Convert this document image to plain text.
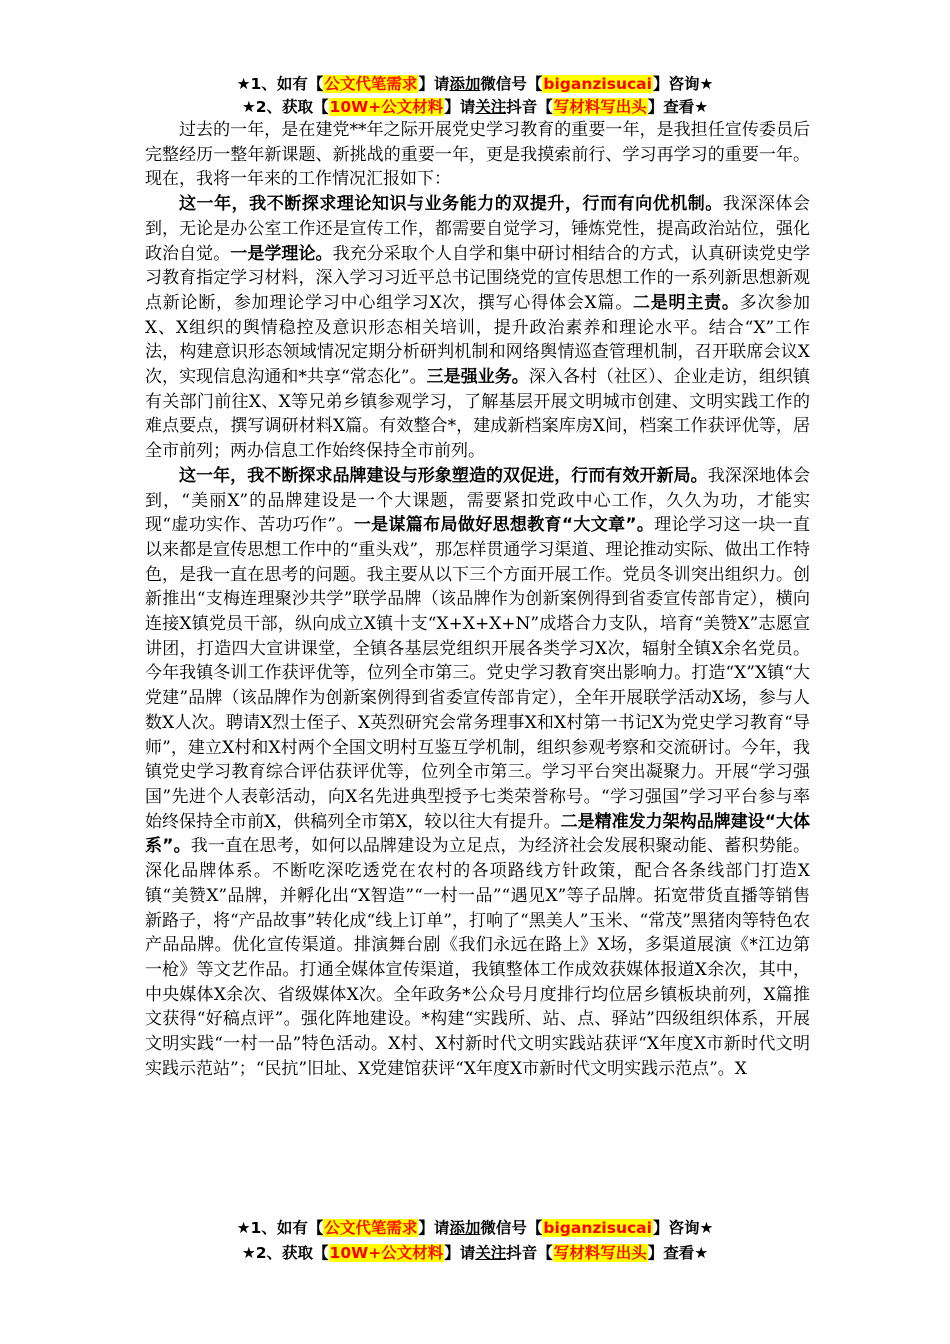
★1、如有【公文代笔需求】请添加微信号【biganzisucai】咨询★
★2、获取【10W+公文材料】请关注抖音【写材料写出头】查看★

过去的一年，是在建党**年之际开展党史学习教育的重要一年，是我担任宣传委员后完整经历一整年新课题、新挑战的重要一年，更是我摸索前行、学习再学习的重要一年。现在，我将一年来的工作情况汇报如下：

这一年，我不断探求理论知识与业务能力的双提升，行而有向优机制。我深深体会到，无论是办公室工作还是宣传工作，都需要自觉学习，锤炼党性，提高政治站位，强化政治自觉。一是学理论。我充分采取个人自学和集中研讨相结合的方式，认真研读党史学习教育指定学习材料，深入学习习近平总书记围绕党的宣传思想工作的一系列新思想新观点新论断，参加理论学习中心组学习X次，撰写心得体会X篇。二是明主责。多次参加X、X组织的舆情稳控及意识形态相关培训，提升政治素养和理论水平。结合“X”工作法，构建意识形态领域情况定期分析研判机制和网络舆情巡查管理机制，召开联席会议X次，实现信息沟通和*共享“常态化”。三是强业务。深入各村（社区）、企业走访，组织镇有关部门前往X、X等兄弟乡镇参观学习，了解基层开展文明城市创建、文明实践工作的难点要点，撰写调研材料X篇。有效整合*，建成新档案库房X间，档案工作获评优等，居全市前列；两办信息工作始终保持全市前列。

这一年，我不断探求品牌建设与形象塑造的双促进，行而有效开新局。我深深地体会到，“美丽X”的品牌建设是一个大课题，需要紧扣党政中心工作，久久为功，才能实现“虚功实作、苦功巧作”。一是谋篇布局做好思想教育“大文章”。理论学习这一块一直以来都是宣传思想工作中的“重头戏”，那怎样贯通学习渠道、理论推动实际、做出工作特色，是我一直在思考的问题。我主要从以下三个方面开展工作。党员冬训突出组织力。创新推出“支梅连理聚沙共学”联学品牌（该品牌作为创新案例得到省委宣传部肯定），横向连接X镇党员干部，纵向成立X镇十支“X+X+X+N”成塔合力支队，培育“美赞X”志愿宣讲团，打造四大宣讲课堂，全镇各基层党组织开展各类学习X次，辐射全镇X余名党员。今年我镇冬训工作获评优等，位列全市第三。党史学习教育突出影响力。打造“X”X镇“大党建”品牌（该品牌作为创新案例得到省委宣传部肯定），全年开展联学活动X场，参与人数X人次。聘请X烈士侄子、X英烈研究会常务理事X和X村第一书记X为党史学习教育“导师”，建立X村和X村两个全国文明村互鉴互学机制，组织参观考察和交流研讨。今年，我镇党史学习教育综合评估获评优等，位列全市第三。学习平台突出凝聚力。开展“学习强国”先进个人表彰活动，向X名先进典型授予七类荣誉称号。“学习强国”学习平台参与率始终保持全市前X，供稿列全市第X，较以往大有提升。二是精准发力架构品牌建设“大体系”。我一直在思考，如何以品牌建设为立足点，为经济社会发展积聚动能、蓄积势能。深化品牌体系。不断吃深吃透党在农村的各项路线方针政策，配合各条线部门打造X镇“美赞X”品牌，并孵化出“X智造”“一村一品”“遇见X”等子品牌。拓宽带货直播等销售新路子，将“产品故事”转化成“线上订单”，打响了“黑美人”玉米、“常茂”黑猪肉等特色农产品品牌。优化宣传渠道。排演舞台剧《我们永远在路上》X场，多渠道展演《*江边第一枪》等文艺作品。打通全媒体宣传渠道，我镇整体工作成效获媒体报道X余次，其中，中央媒体X余次、省级媒体X次。全年政务*公众号月度排行均位居乡镇板块前列，X篇推文获得“好稿点评”。强化阵地建设。*构建“实践所、站、点、驿站”四级组织体系，开展文明实践“一村一品”特色活动。X村、X村新时代文明实践站获评“X年度X市新时代文明实践示范站”；“民抗”旧址、X党建馆获评“X年度X市新时代文明实践示范点”。X

★1、如有【公文代笔需求】请添加微信号【biganzisucai】咨询★
★2、获取【10W+公文材料】请关注抖音【写材料写出头】查看★
